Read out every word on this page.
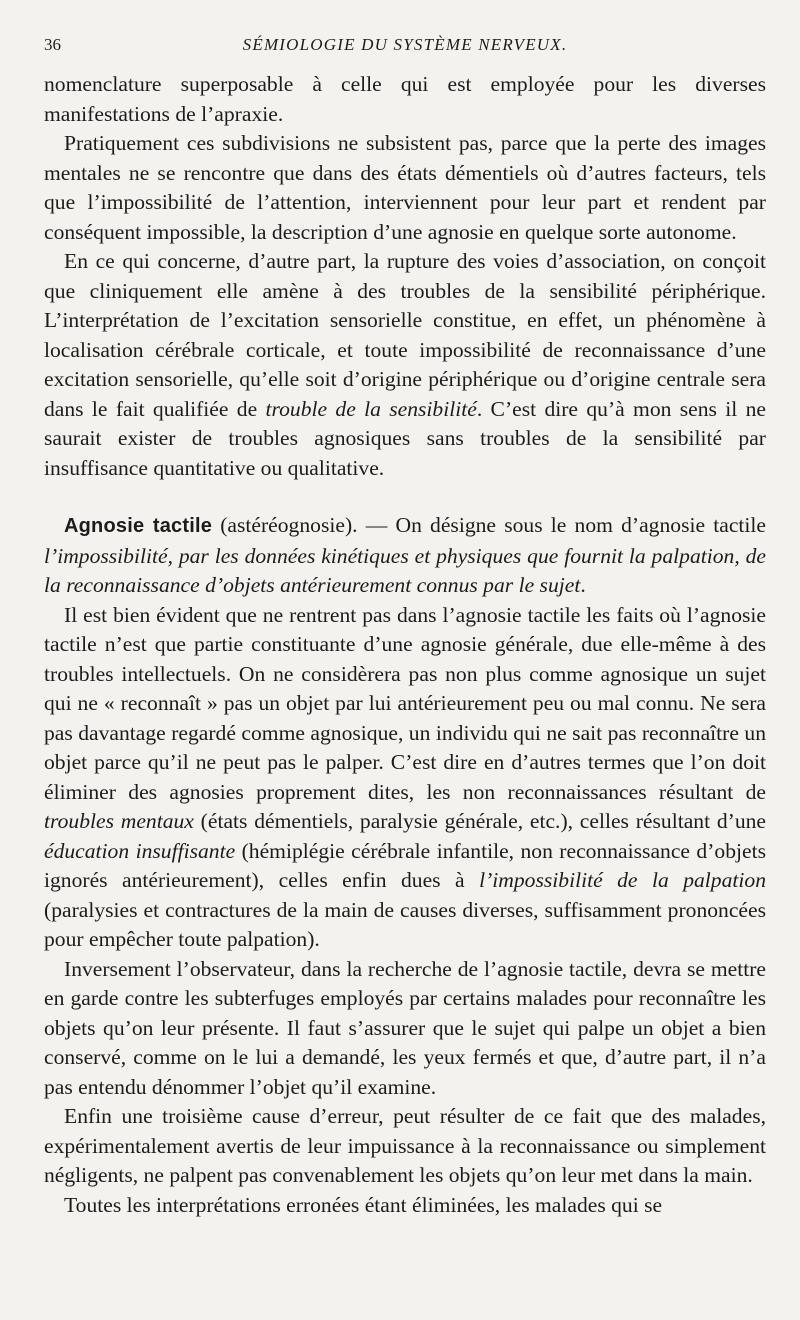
36	SÉMIOLOGIE DU SYSTÈME NERVEUX.

nomenclature superposable à celle qui est employée pour les diverses manifestations de l’apraxie.

Pratiquement ces subdivisions ne subsistent pas, parce que la perte des images mentales ne se rencontre que dans des états démentiels où d’autres facteurs, tels que l’impossibilité de l’attention, interviennent pour leur part et rendent par conséquent impossible, la description d’une agnosie en quelque sorte autonome.

En ce qui concerne, d’autre part, la rupture des voies d’association, on conçoit que cliniquement elle amène à des troubles de la sensibilité périphérique. L’interprétation de l’excitation sensorielle constitue, en effet, un phénomène à localisation cérébrale corticale, et toute impossibilité de reconnaissance d’une excitation sensorielle, qu’elle soit d’origine périphérique ou d’origine centrale sera dans le fait qualifiée de trouble de la sensibilité. C’est dire qu’à mon sens il ne saurait exister de troubles agnosiques sans troubles de la sensibilité par insuffisance quantitative ou qualitative.

Agnosie tactile (astéréognosie). — On désigne sous le nom d’agnosie tactile l’impossibilité, par les données kinétiques et physiques que fournit la palpation, de la reconnaissance d’objets antérieurement connus par le sujet.

Il est bien évident que ne rentrent pas dans l’agnosie tactile les faits où l’agnosie tactile n’est que partie constituante d’une agnosie générale, due elle-même à des troubles intellectuels. On ne considèrera pas non plus comme agnosique un sujet qui ne « reconnaît » pas un objet par lui antérieurement peu ou mal connu. Ne sera pas davantage regardé comme agnosique, un individu qui ne sait pas reconnaître un objet parce qu’il ne peut pas le palper. C’est dire en d’autres termes que l’on doit éliminer des agnosies proprement dites, les non reconnaissances résultant de troubles mentaux (états démentiels, paralysie générale, etc.), celles résultant d’une éducation insuffisante (hémiplégie cérébrale infantile, non reconnaissance d’objets ignorés antérieurement), celles enfin dues à l’impossibilité de la palpation (paralysies et contractures de la main de causes diverses, suffisamment prononcées pour empêcher toute palpation).

Inversement l’observateur, dans la recherche de l’agnosie tactile, devra se mettre en garde contre les subterfuges employés par certains malades pour reconnaître les objets qu’on leur présente. Il faut s’assurer que le sujet qui palpe un objet a bien conservé, comme on le lui a demandé, les yeux fermés et que, d’autre part, il n’a pas entendu dénommer l’objet qu’il examine.

Enfin une troisième cause d’erreur, peut résulter de ce fait que des malades, expérimentalement avertis de leur impuissance à la reconnaissance ou simplement négligents, ne palpent pas convenablement les objets qu’on leur met dans la main.

Toutes les interprétations erronées étant éliminées, les malades qui se
